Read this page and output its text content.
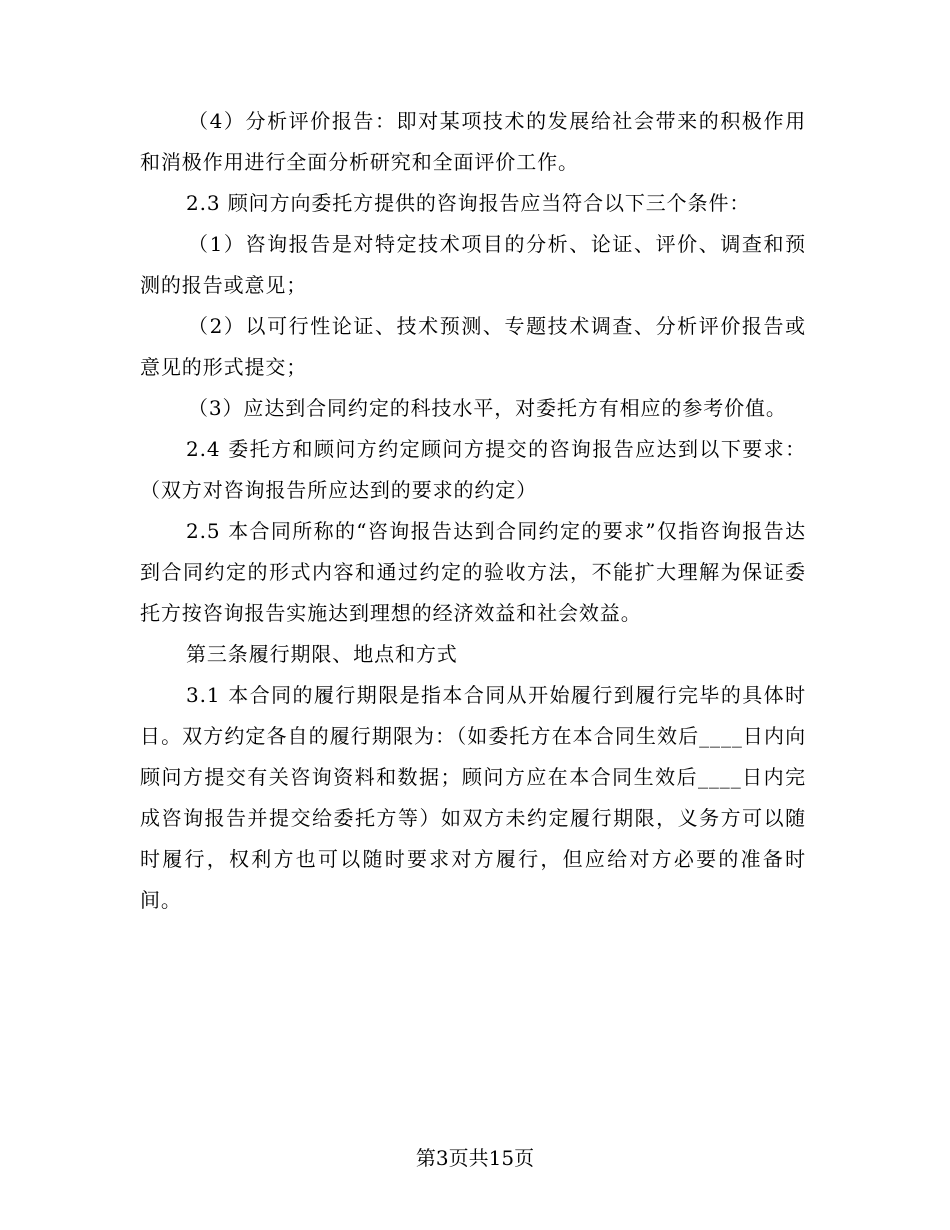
（4）分析评价报告：即对某项技术的发展给社会带来的积极作用和消极作用进行全面分析研究和全面评价工作。

2.3 顾问方向委托方提供的咨询报告应当符合以下三个条件：

（1）咨询报告是对特定技术项目的分析、论证、评价、调查和预测的报告或意见；

（2）以可行性论证、技术预测、专题技术调查、分析评价报告或意见的形式提交；

（3）应达到合同约定的科技水平，对委托方有相应的参考价值。

2.4 委托方和顾问方约定顾问方提交的咨询报告应达到以下要求：（双方对咨询报告所应达到的要求的约定）

2.5 本合同所称的“咨询报告达到合同约定的要求”仅指咨询报告达到合同约定的形式内容和通过约定的验收方法，不能扩大理解为保证委托方按咨询报告实施达到理想的经济效益和社会效益。

第三条履行期限、地点和方式

3.1 本合同的履行期限是指本合同从开始履行到履行完毕的具体时日。双方约定各自的履行期限为：（如委托方在本合同生效后____日内向顾问方提交有关咨询资料和数据；顾问方应在本合同生效后____日内完成咨询报告并提交给委托方等）如双方未约定履行期限，义务方可以随时履行，权利方也可以随时要求对方履行，但应给对方必要的准备时间。

第3页共15页
